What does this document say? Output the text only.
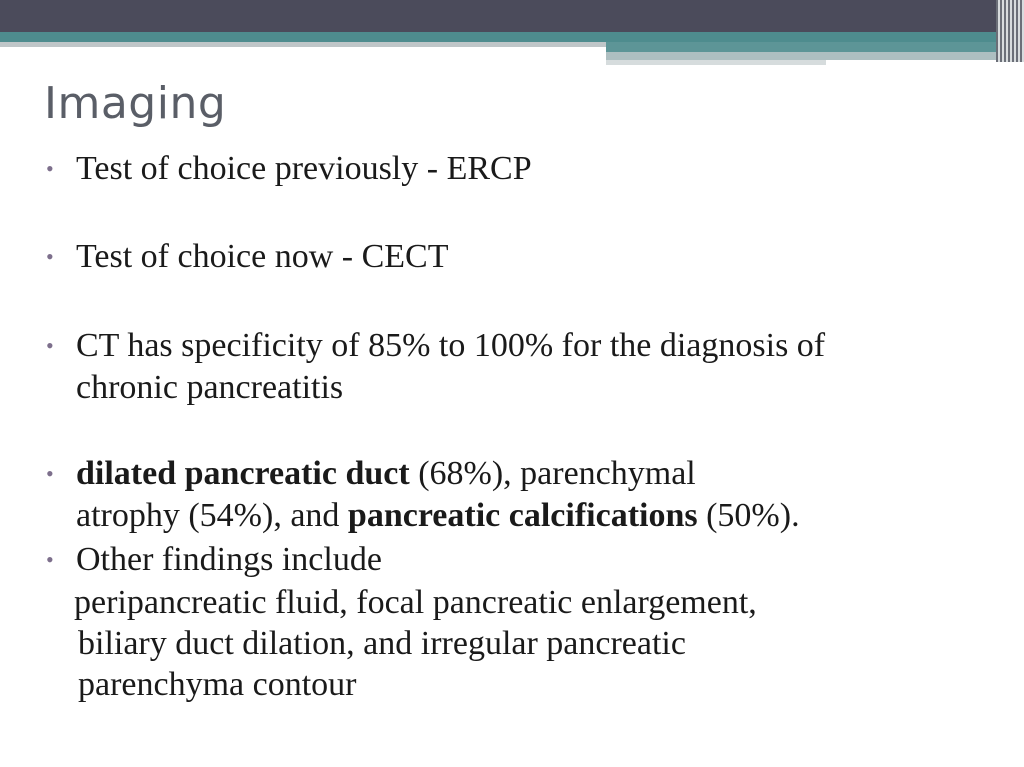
Imaging
• Test of choice previously - ERCP
• Test of choice now - CECT
• CT has specificity of 85% to 100% for the diagnosis of
chronic pancreatitis
• dilated pancreatic duct (68%), parenchymal
atrophy (54%), and pancreatic calcifications (50%).
• Other findings include
peripancreatic fluid, focal pancreatic enlargement,
biliary duct dilation, and irregular pancreatic
parenchyma contour
